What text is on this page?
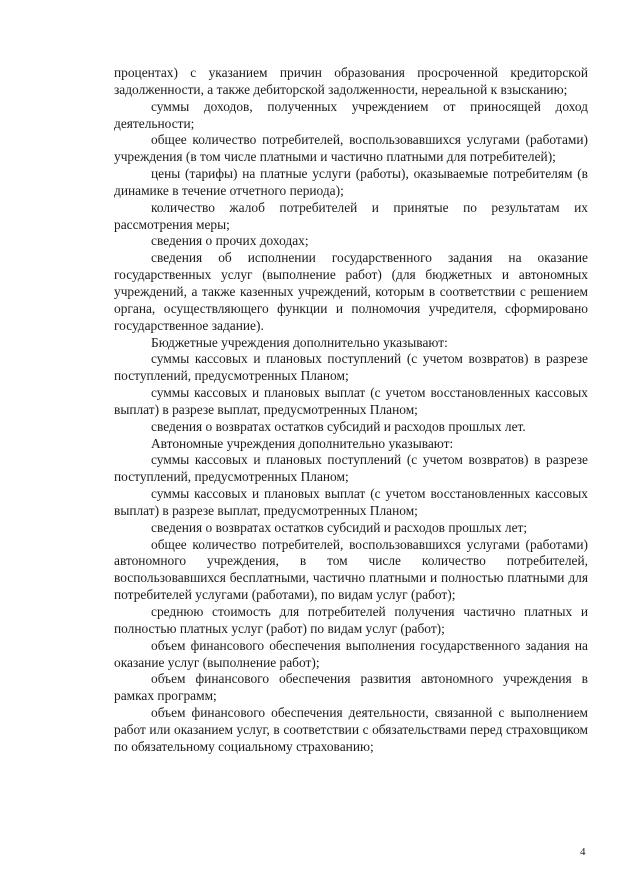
процентах) с указанием причин образования просроченной кредиторской задолженности, а также дебиторской задолженности, нереальной к взысканию;

суммы доходов, полученных учреждением от приносящей доход деятельности;

общее количество потребителей, воспользовавшихся услугами (работами) учреждения (в том числе платными и частично платными для потребителей);

цены (тарифы) на платные услуги (работы), оказываемые потребителям (в динамике в течение отчетного периода);

количество жалоб потребителей и принятые по результатам их рассмотрения меры;

сведения о прочих доходах;

сведения об исполнении государственного задания на оказание государственных услуг (выполнение работ) (для бюджетных и автономных учреждений, а также казенных учреждений, которым в соответствии с решением органа, осуществляющего функции и полномочия учредителя, сформировано государственное задание).

Бюджетные учреждения дополнительно указывают:

суммы кассовых и плановых поступлений (с учетом возвратов) в разрезе поступлений, предусмотренных Планом;

суммы кассовых и плановых выплат (с учетом восстановленных кассовых выплат) в разрезе выплат, предусмотренных Планом;

сведения о возвратах остатков субсидий и расходов прошлых лет.

Автономные учреждения дополнительно указывают:

суммы кассовых и плановых поступлений (с учетом возвратов) в разрезе поступлений, предусмотренных Планом;

суммы кассовых и плановых выплат (с учетом восстановленных кассовых выплат) в разрезе выплат, предусмотренных Планом;

сведения о возвратах остатков субсидий и расходов прошлых лет;

общее количество потребителей, воспользовавшихся услугами (работами) автономного учреждения, в том числе количество потребителей, воспользовавшихся бесплатными, частично платными и полностью платными для потребителей услугами (работами), по видам услуг (работ);

среднюю стоимость для потребителей получения частично платных и полностью платных услуг (работ) по видам услуг (работ);

объем финансового обеспечения выполнения государственного задания на оказание услуг (выполнение работ);

объем финансового обеспечения развития автономного учреждения в рамках программ;

объем финансового обеспечения деятельности, связанной с выполнением работ или оказанием услуг, в соответствии с обязательствами перед страховщиком по обязательному социальному страхованию;

4
